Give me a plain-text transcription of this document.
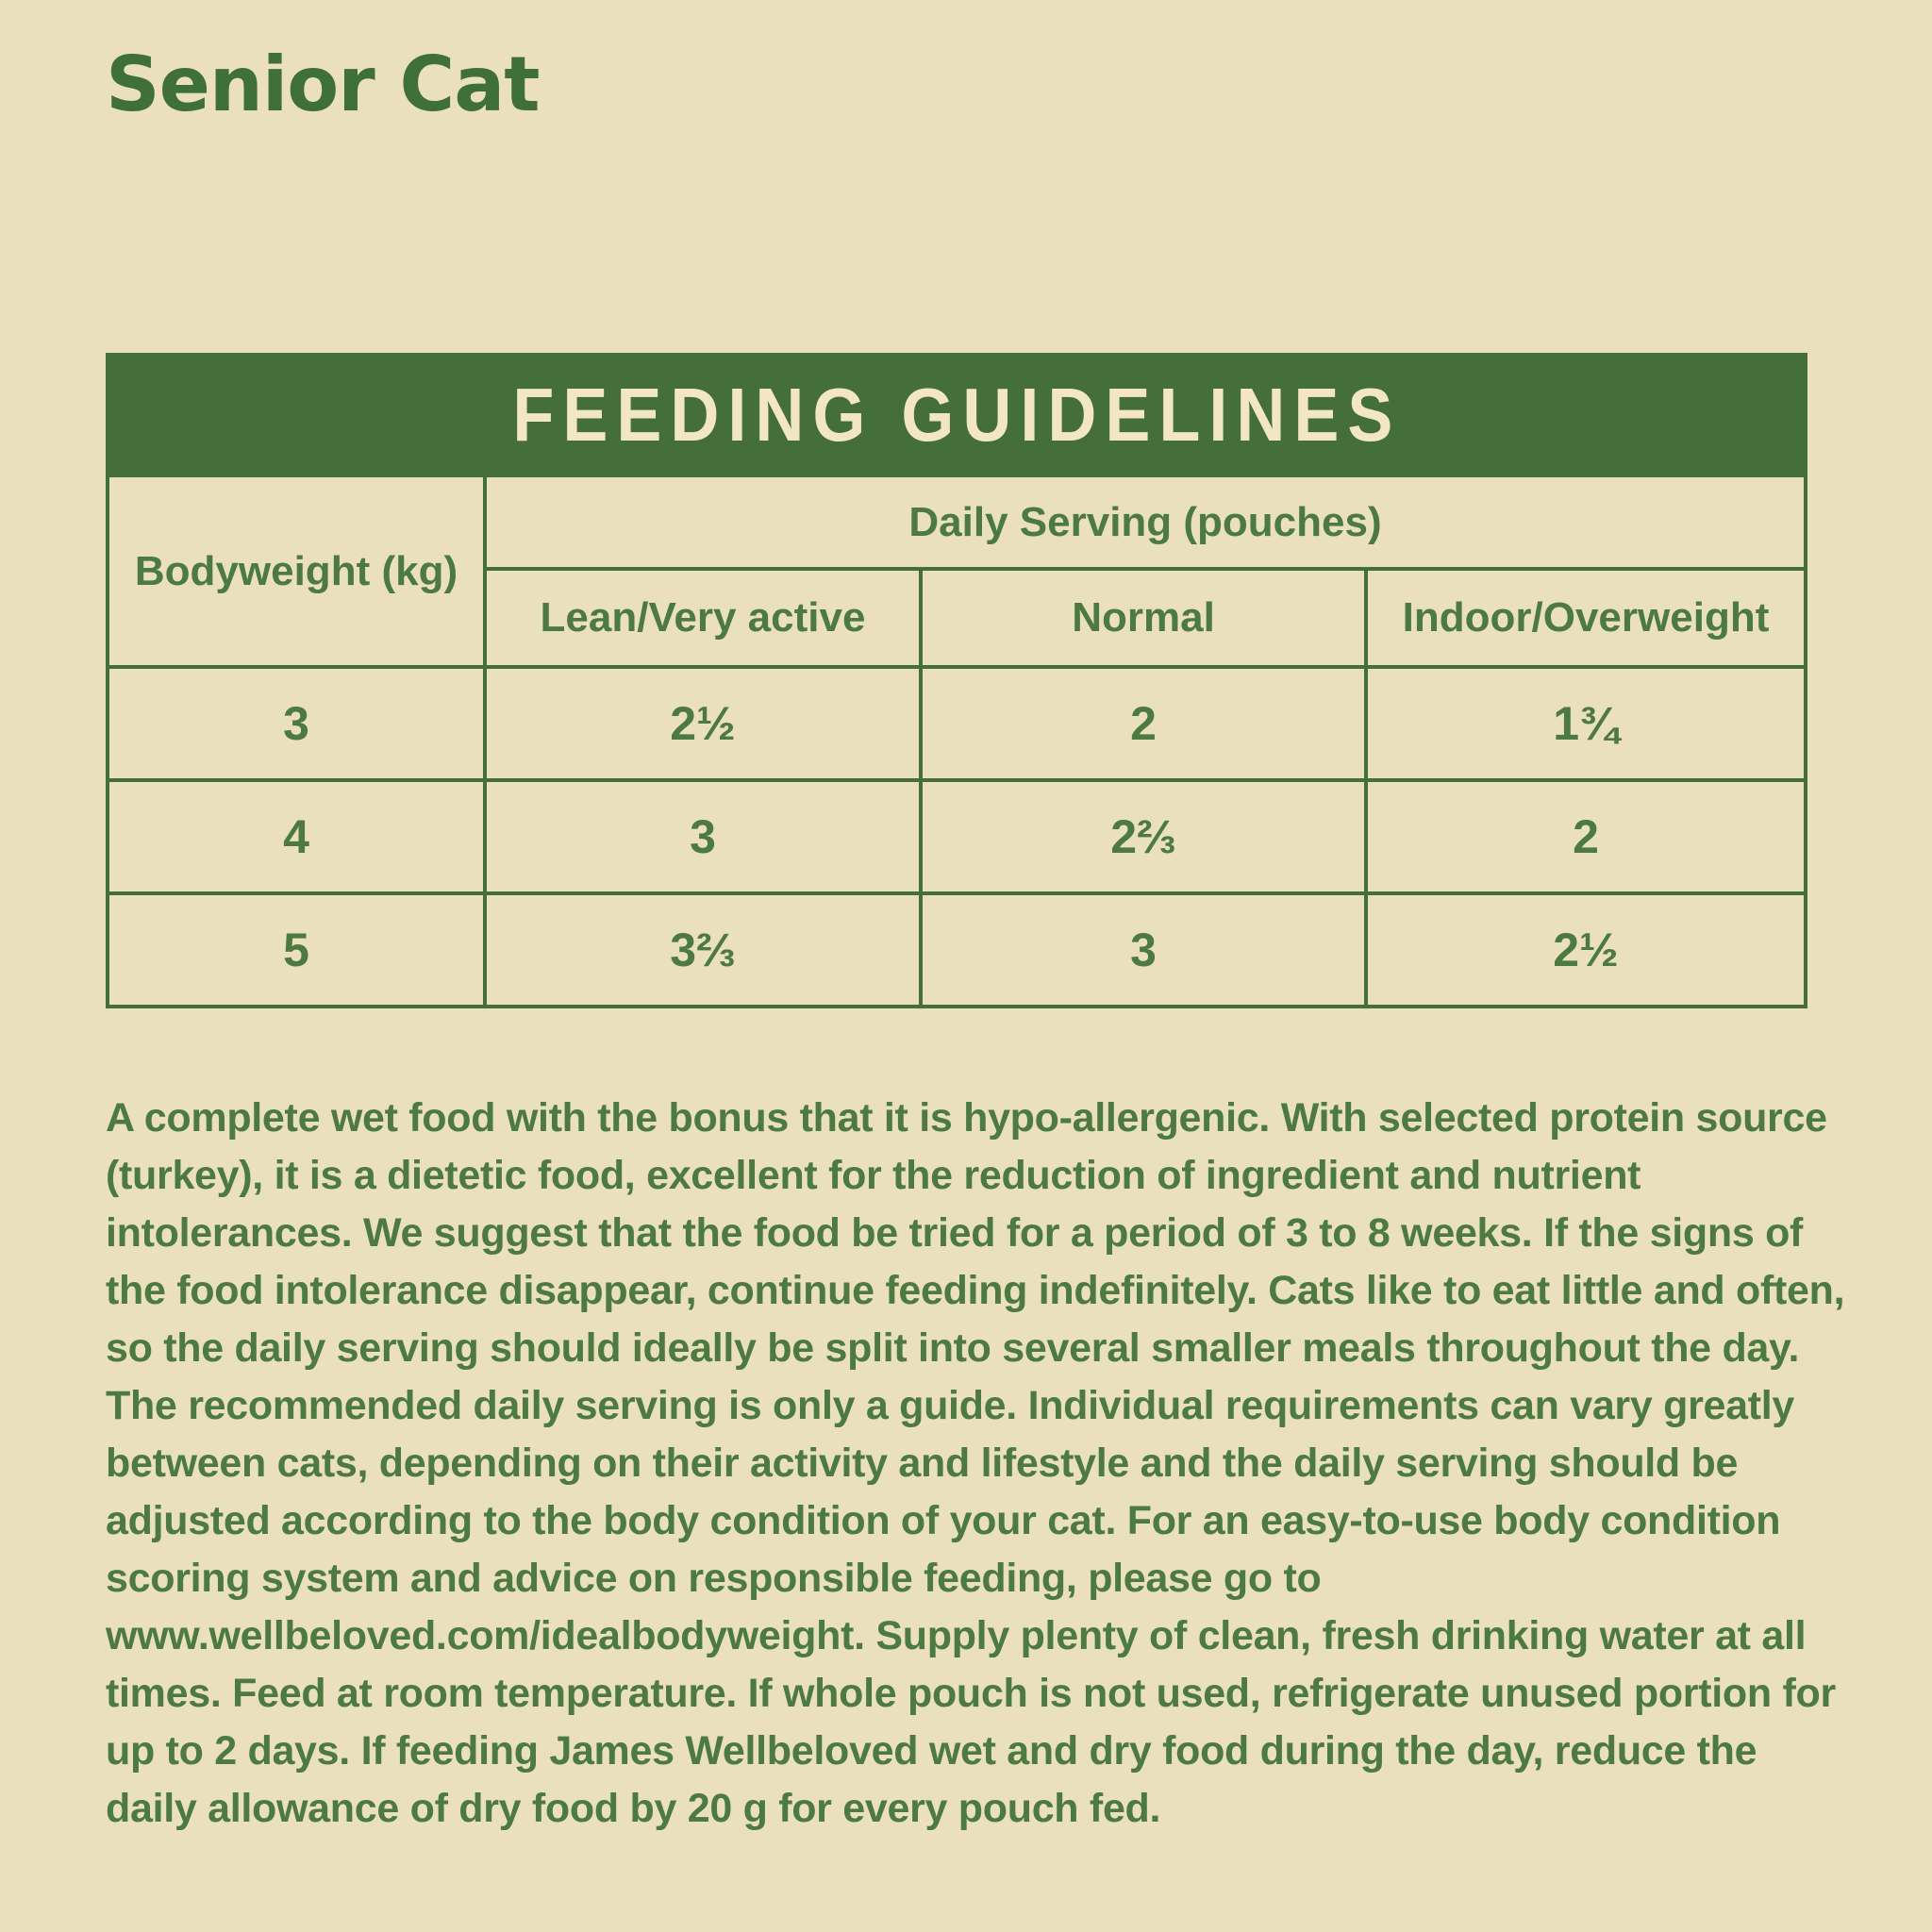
Senior Cat
FEEDING GUIDELINES			
Bodyweight (kg)	Daily Serving (pouches)		
	Lean/Very active	Normal	Indoor/Overweight
3	2½	2	1¾
4	3	2⅔	2
5	3⅔	3	2½

A complete wet food with the bonus that it is hypo-allergenic. With selected protein source (turkey), it is a dietetic food, excellent for the reduction of ingredient and nutrient intolerances. We suggest that the food be tried for a period of 3 to 8 weeks. If the signs of the food intolerance disappear, continue feeding indefinitely. Cats like to eat little and often, so the daily serving should ideally be split into several smaller meals throughout the day. The recommended daily serving is only a guide. Individual requirements can vary greatly between cats, depending on their activity and lifestyle and the daily serving should be adjusted according to the body condition of your cat. For an easy-to-use body condition scoring system and advice on responsible feeding, please go to www.wellbeloved.com/idealbodyweight. Supply plenty of clean, fresh drinking water at all times. Feed at room temperature. If whole pouch is not used, refrigerate unused portion for up to 2 days. If feeding James Wellbeloved wet and dry food during the day, reduce the daily allowance of dry food by 20 g for every pouch fed.
